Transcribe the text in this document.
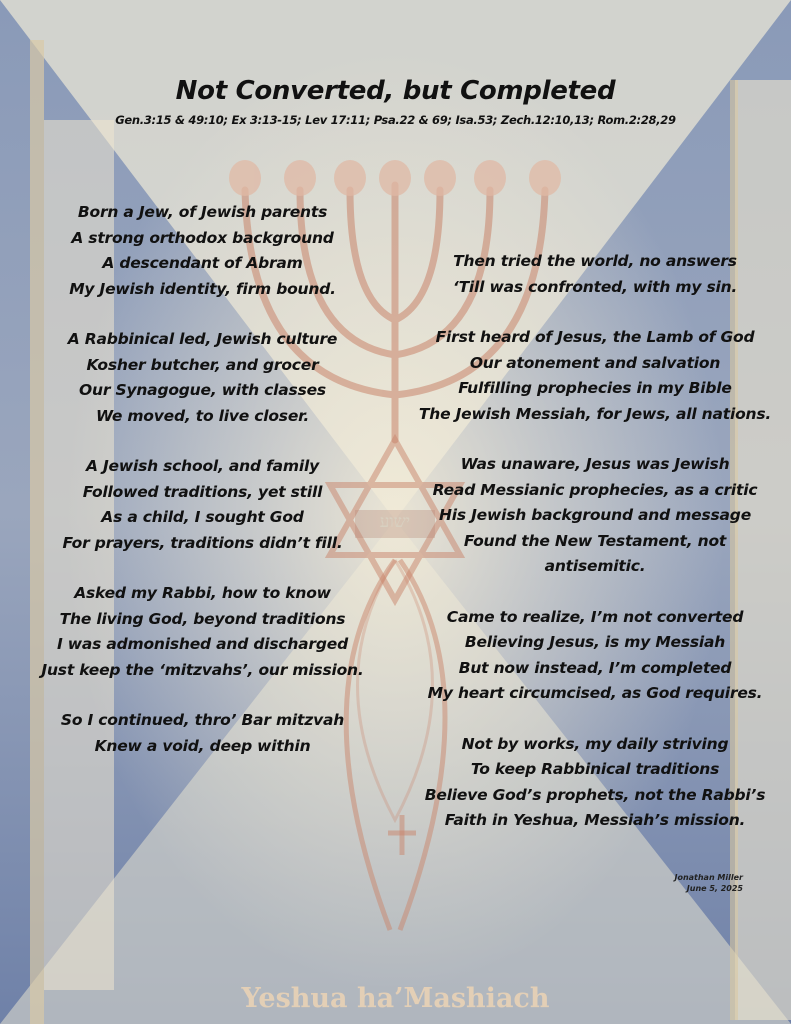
Not Converted, but Completed
Gen.3:15 & 49:10; Ex 3:13-15; Lev 17:11; Psa.22 & 69; Isa.53; Zech.12:10,13; Rom.2:28,29
Born a Jew, of Jewish parents
A strong orthodox background
A descendant of Abram
My Jewish identity, firm bound.
A Rabbinical led, Jewish culture
Kosher butcher, and grocer
Our Synagogue, with classes
We moved, to live closer.
A Jewish school, and family
Followed traditions, yet still
As a child, I sought God
For prayers, traditions didn’t fill.
Asked my Rabbi, how to know
The living God, beyond traditions
I was admonished and discharged
Just keep the ‘mitzvahs’, our mission.
So I continued, thro’ Bar mitzvah
Knew a void, deep within
Then tried the world, no answers
‘Till was confronted, with my sin.
First heard of Jesus, the Lamb of God
Our atonement and salvation
Fulfilling prophecies in my Bible
The Jewish Messiah, for Jews, all nations.
Was unaware, Jesus was Jewish
Read Messianic prophecies, as a critic
His Jewish background and message
Found the New Testament, not
antisemitic.
Came to realize, I’m not converted
Believing Jesus, is my Messiah
But now instead, I’m completed
My heart circumcised, as God requires.
Not by works, my daily striving
To keep Rabbinical traditions
Believe God’s prophets, not the Rabbi’s
Faith in Yeshua, Messiah’s mission.
ישוע
Jonathan Miller
June 5, 2025
Yeshua ha’Mashiach
